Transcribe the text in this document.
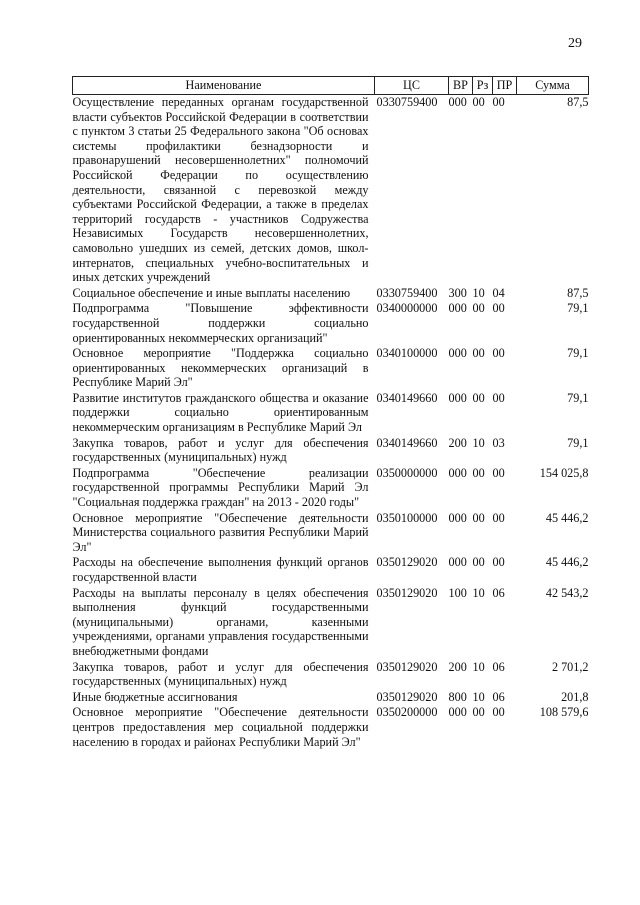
29
Наименование	ЦС	ВР	Рз	ПР	Сумма
Осуществление переданных органам государственной власти субъектов Российской Федерации в соответствии с пунктом 3 статьи 25 Федерального закона "Об основах системы профилактики безнадзорности и правонарушений несовершеннолетних" полномочий Российской Федерации по осуществлению деятельности, связанной с перевозкой между субъектами Российской Федерации, а также в пределах территорий государств - участников Содружества Независимых Государств несовершеннолетних, самовольно ушедших из семей, детских домов, школ-интернатов, специальных учебно-воспитательных и иных детских учреждений	0330759400	000	00	00	87,5
Социальное обеспечение и иные выплаты населению	0330759400	300	10	04	87,5
Подпрограмма "Повышение эффективности государственной поддержки социально ориентированных некоммерческих организаций"	0340000000	000	00	00	79,1
Основное мероприятие "Поддержка социально ориентированных некоммерческих организаций в Республике Марий Эл"	0340100000	000	00	00	79,1
Развитие институтов гражданского общества и оказание поддержки социально ориентированным некоммерческим организациям в Республике Марий Эл	0340149660	000	00	00	79,1
Закупка товаров, работ и услуг для обеспечения государственных (муниципальных) нужд	0340149660	200	10	03	79,1
Подпрограмма "Обеспечение реализации государственной программы Республики Марий Эл "Социальная поддержка граждан" на 2013 - 2020 годы"	0350000000	000	00	00	154 025,8
Основное мероприятие "Обеспечение деятельности Министерства социального развития Республики Марий Эл"	0350100000	000	00	00	45 446,2
Расходы на обеспечение выполнения функций органов государственной власти	0350129020	000	00	00	45 446,2
Расходы на выплаты персоналу в целях обеспечения выполнения функций государственными (муниципальными) органами, казенными учреждениями, органами управления государственными внебюджетными фондами	0350129020	100	10	06	42 543,2
Закупка товаров, работ и услуг для обеспечения государственных (муниципальных) нужд	0350129020	200	10	06	2 701,2
Иные бюджетные ассигнования	0350129020	800	10	06	201,8
Основное мероприятие "Обеспечение деятельности центров предоставления мер социальной поддержки населению в городах и районах Республики Марий Эл"	0350200000	000	00	00	108 579,6
